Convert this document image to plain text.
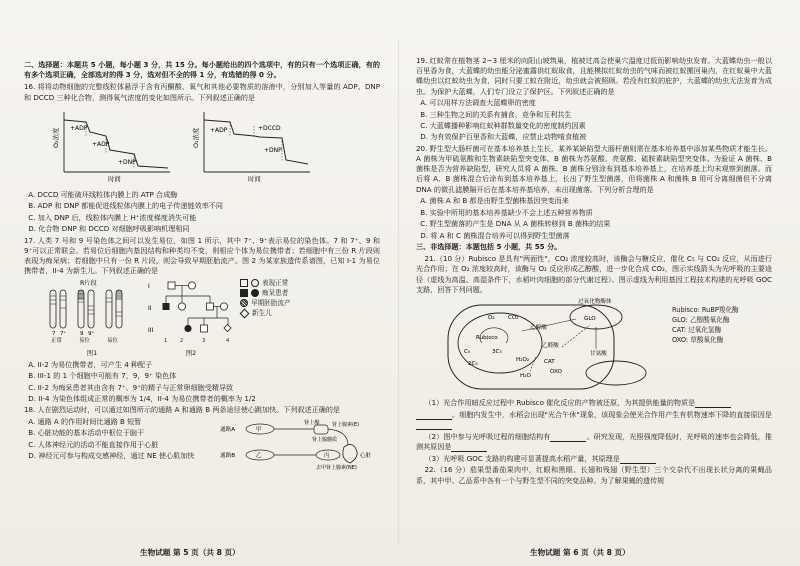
二、选择题：本题共 5 小题，每小题 3 分，共 15 分。每小题给出的四个选项中，有的只有一个选项正确，有的有多个选项正确，全部选对的得 3 分，选对但不全的得 1 分，有选错的得 0 分。

16. 将将动物细胞的完整线粒体悬浮于含有丙酮酸、氧气和其他必要物质的溶液中，分别加入等量的 ADP、DNP 和 DCCD 三种化合物，测得氧气浓度的变化如图所示。下列叙述正确的是

O₂浓度
时间
+ADP
+ADP
+DNP
O₂浓度
时间
+ADP	+DCCD
+DNP

A. DCCD 可能破坏线粒体内膜上的 ATP 合成酶

B. ADP 和 DNP 都能促进线粒体内膜上的电子传递链效率不同

C. 加入 DNP 后，线粒体内膜上 H⁺浓度梯度消失可能

D. 化合物 DNP 和 DCCD 对细胞呼吸影响机理相同

17. 人类 7 号和 9 号染色体之间可以发生易位，如图 1 所示，其中 7⁺、9⁺表示易位的染色体。7 和 7⁺、9 和 9⁺可以正常联会。若易位后细胞内基因结构和种类均不变，则相应个体为易位携带者；若细胞中有三份 R 片段则表现为痴呆病；若细胞中只有一份 R 片段，则会导致早期胚胎流产。图 2 为某家族遗传系谱图，已知 I-1 为易位携带者，II-4 为新生儿。下列叙述正确的是

R片段
7 7⁺	9 9⁺
正常	易位	易位
图1
I
II
III
1	2	3	4
图2
表现正常
痴呆患者
早期胚胎流产
新生儿

A. II-2 为易位携带者，可产生 4 种配子

B. III-1 的 1 个细胞中可能有 7，9，9⁺ 染色体

C. II-2 为痴呆患者其由含有 7⁺、9⁺的精子与正常卵细胞受精导致

D. II-4 为染色体组成正常的概率为 1/4，II-4 为易位携带者的概率为 1/2

18. 人在剧烈运动时，可以通过如图所示的通路 A 和通路 B 两条途径使心跳加快。下列叙述正确的是

A. 通路 A 的作用时间比通路 B 短暂

B. 心脏功能的基本活动中枢位于脑干

C. 人体神经元的活动不能直接作用于心脏

D. 神经元可参与构成交感神经，通过 NE 使心肌加快

通路A
通路B
甲
乙
肾上腺 肾上腺素(E)
丙	心脏
肾上腺髓质
去甲肾上腺素(NE)
生物试题 第 5 页（共 8 页）

19. 红蚁常在植物茎 2~3 厘米的向阳山坡筑巢，植被过高会使巢穴温度过低而影响幼虫发育。大蓝蝶幼虫一般以百里香为食，大蓝蝶的幼虫能分泌蜜露供红蚁取食，且能模拟红蚁幼虫的气味而被红蚁搬回巢内，在红蚁巢中大蓝蝶幼虫以红蚁幼虫为食，同时只要工蚁在附近，幼虫就会被照顾。若没有红蚁的庇护，大蓝蝶的幼虫无法发育为成虫。为保护大蓝蝶，人们专门设立了保护区。下列叙述正确的是

A. 可以用样方法调查大蓝蝶卵的密度

B. 三种生物之间的关系有捕食、竞争和互利共生

C. 大蓝蝶播种影响红蚁种群数量变化的密度制约因素

D. 为有效保护百里香和大蓝蝶，应禁止动物啃食植被

20. 野生型大肠杆菌可在基本培养基上生长，某养某缺陷型大肠杆菌则需在基本培养基中添加某些物质才能生长。A 菌株为甲硫氨酸和生物素缺陷型突变体，B 菌株为苏氨酸、亮氨酸、硫胺素缺陷型突变体。为验证 A 菌株、B 菌株是否为营养缺陷型，研究人员将 A 菌株、B 菌株分别涂布到基本培养基上，在培养基上均未观察到菌落。而后将 A、B 菌株混合后涂布到基本培养基上，长出了野生型菌落，但将菌株 A 和菌株 B 用可分离细菌但不分离 DNA 的微孔滤膜隔开后在基本培养基培养，未出现菌落。下列分析合理的是

A. 菌株 A 和 B 都是由野生型菌株基因突变而来

B. 实验中所用的基本培养基缺少不会上述五种营养物质

C. 野生型菌落的产生是 DNA 从 A 菌株转移到 B 菌株的结果

D. 将 A 和 C 菌株混合培养可以得到野生型菌落

三、非选择题：本题包括 5 小题，共 55 分。

21.（10 分）Rubisco 是具有"两面性"，CO₂ 浓度较高时，该酶会与糖反应，催化 C₅ 与 CO₂ 反应，从而进行光合作用；在 O₂ 浓度较高时，该酶与 O₂ 反应形成乙醇酸，进一步化合成 CO₂，图示实线箭头为光呼吸的主要途径（虚线为高温、高湿条件下，水稻叶肉细胞的部分代谢过程）。图示虚线为利用基因工程技术构建的光呼吸 GOC 支路，回答下列问题。

过氧化物酶体
GLO
Rubisco
乙醇酸
甘氨酸
乙醛酸
H₂O₂	CAT
OXO
H₂O
O₂ CO₂
C₅	3C₃
2C₅
Rubisco: RuBP羧化酶
GLO: 乙醇酸氧化酶
CAT: 过氧化氢酶
OXO: 草酸氧化酶

（1）光合作用暗反应过程中 Rubisco 催化反应的产物被还原，为其提供能量的物质是

。细胞内发生中，水稻会出现"光合午休"现象，该现象会使光合作用产生有机物速率下降的直接原因是

（2）图中参与光呼吸过程的细胞结构有	。研究发现，光照强度降低时，光呼吸的速率也会降低，推测其原因是

（3）光呼吸 GOC 支路的构建可显著提高水稻产量，其原理是

22.（16 分）茄果型番茄果肉中，红眼和黑眼、长翅和残翅（野生型）三个交杂代不出现长状分离的果蝇品系，其中甲、乙品系中各有一个与野生型不同的突变品种。为了解果蝇的遗传规

生物试题 第 6 页（共 8 页）
